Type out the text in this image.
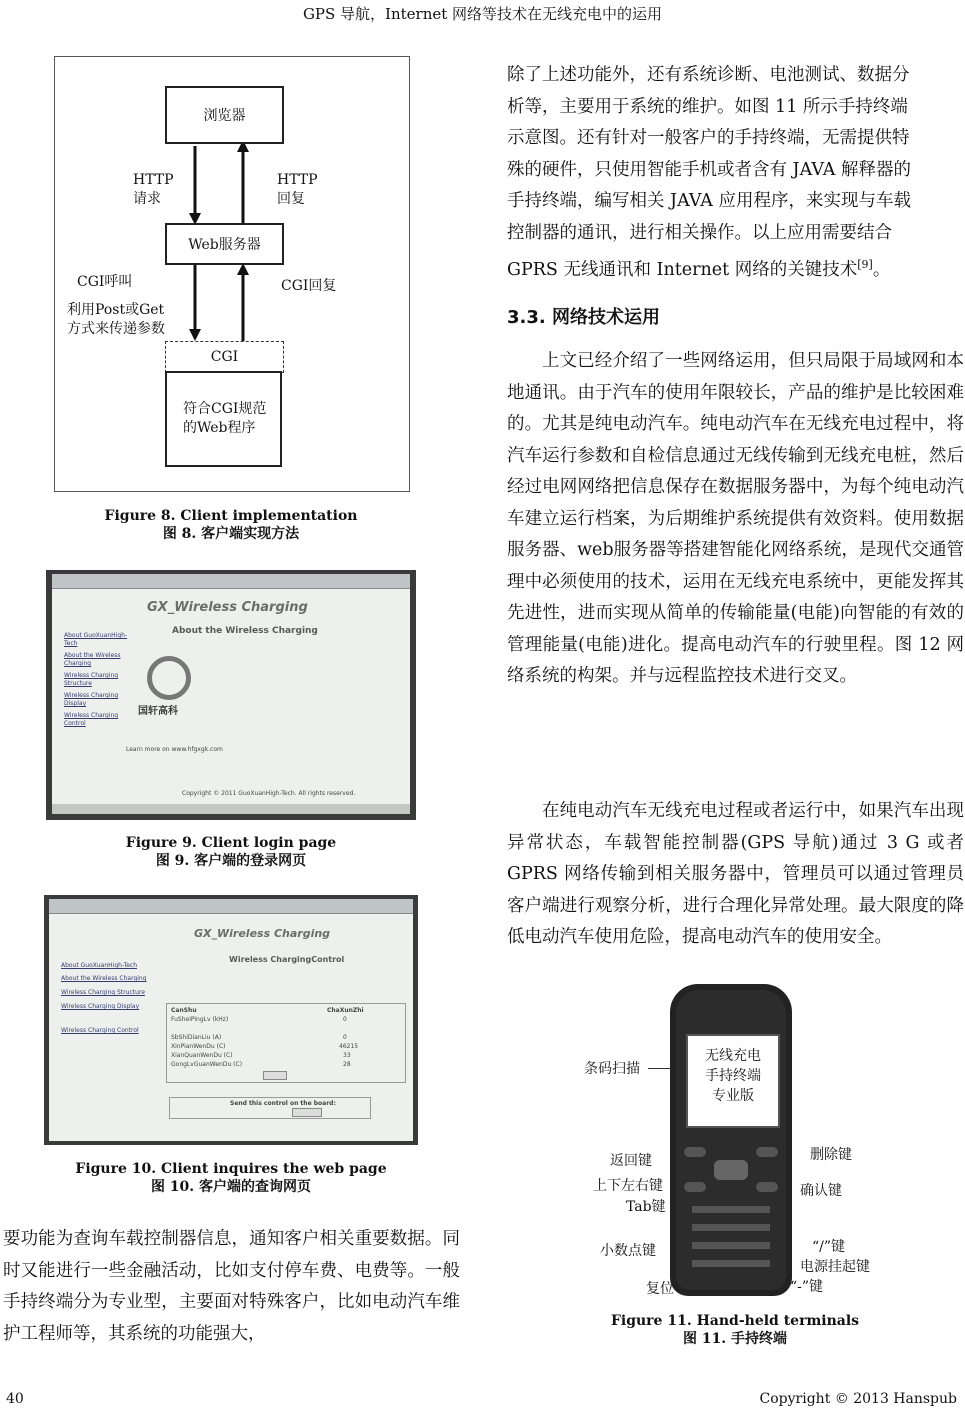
GPS 导航，Internet 网络等技术在无线充电中的运用
浏览器
HTTP
请求
HTTP
回复
Web服务器
CGI呼叫
利用Post或Get
方式来传递参数
CGI回复
CGI
符合CGI规范
的Web程序
Figure 8. Client implementation
图 8. 客户端实现方法
GX_Wireless Charging
About the Wireless Charging
About GuoXuanHigh-Tech
About the Wireless Charging
Wireless Charging Structure
Wireless Charging Display
Wireless Charging Control
国轩高科
Learn more on www.hfgxgk.com
Copyright © 2011 GuoXuanHigh-Tech. All rights reserved.
Figure 9. Client login page
图 9. 客户端的登录网页
GX_Wireless Charging
Wireless ChargingControl
About GuoXuanHigh-Tech
About the Wireless Charging
Wireless Charging Structure
Wireless Charging Display
Wireless Charging Control
CanShu	ChaXunZhi
FuSheiPingLv (kHz)	0
SbShiDianLiu (A)	0
XinPianWenDu (C)	46215
XianQuanWenDu (C)	33
GongLvGuanWenDu (C)	28
Send this control on the board:
Figure 10. Client inquires the web page
图 10. 客户端的查询网页
要功能为查询车载控制器信息，通知客户相关重要数据。同时又能进行一些金融活动，比如支付停车费、电费等。一般手持终端分为专业型，主要面对特殊客户，比如电动汽车维护工程师等，其系统的功能强大，
除了上述功能外，还有系统诊断、电池测试、数据分
析等，主要用于系统的维护。如图 11 所示手持终端
示意图。还有针对一般客户的手持终端，无需提供特
殊的硬件，只使用智能手机或者含有 JAVA 解释器的
手持终端，编写相关 JAVA 应用程序，来实现与车载
控制器的通讯，进行相关操作。以上应用需要结合
GPRS 无线通讯和 Internet 网络的关键技术[9]。
3.3. 网络技术运用
上文已经介绍了一些网络运用，但只局限于局域网和本地通讯。由于汽车的使用年限较长，产品的维护是比较困难的。尤其是纯电动汽车。纯电动汽车在无线充电过程中，将汽车运行参数和自检信息通过无线传输到无线充电桩，然后经过电网网络把信息保存在数据服务器中，为每个纯电动汽车建立运行档案，为后期维护系统提供有效资料。使用数据服务器、web服务器等搭建智能化网络系统，是现代交通管理中必须使用的技术，运用在无线充电系统中，更能发挥其先进性，进而实现从简单的传输能量(电能)向智能的有效的管理能量(电能)进化。提高电动汽车的行驶里程。图 12 网络系统的构架。并与远程监控技术进行交叉。
在纯电动汽车无线充电过程或者运行中，如果汽车出现异常状态，车载智能控制器(GPS 导航)通过 3 G 或者 GPRS 网络传输到相关服务器中，管理员可以通过管理员客户端进行观察分析，进行合理化异常处理。最大限度的降低电动汽车使用危险，提高电动汽车的使用安全。
无线充电
手持终端
专业版
条码扫描
返回键
上下左右键
Tab键
小数点键
复位
删除键
确认键
“/”键
电源挂起键
“-”键
Figure 11. Hand-held terminals
图 11. 手持终端
40	Copyright © 2013 Hanspub
